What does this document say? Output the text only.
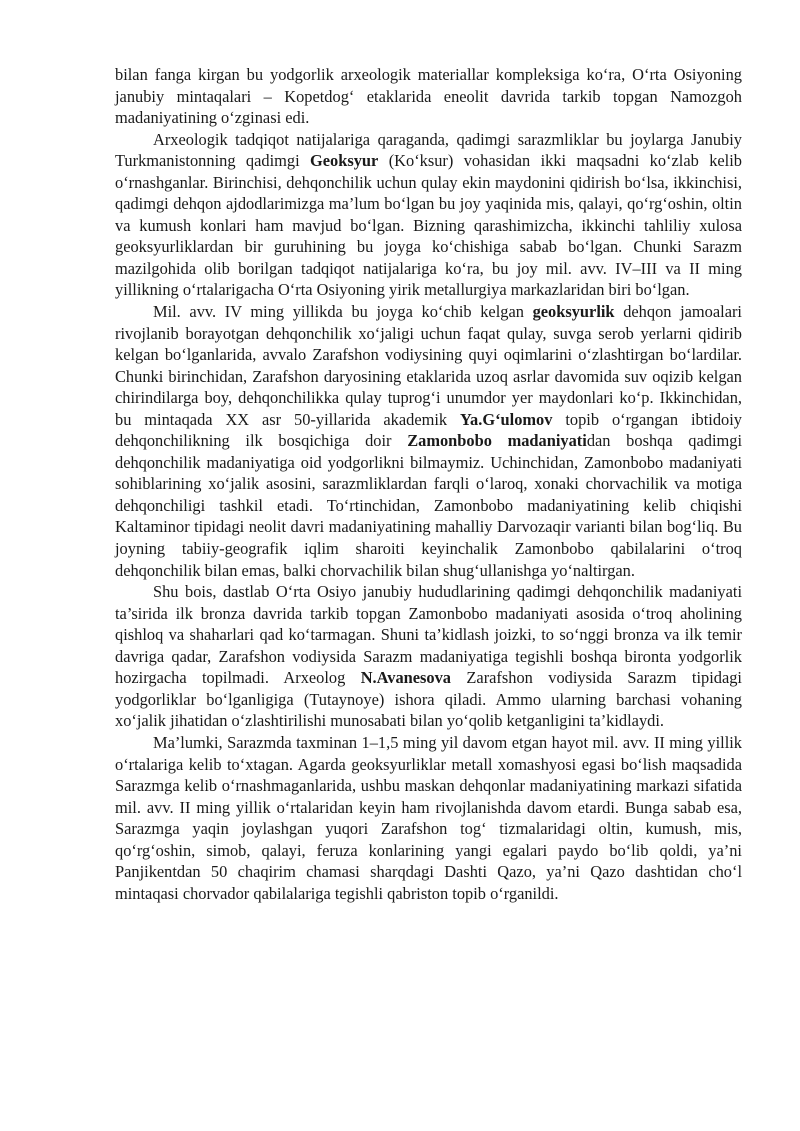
bilan fanga kirgan bu yodgorlik arxeologik materiallar kompleksiga ko‘ra, O‘rta Osiyoning janubiy mintaqalari – Kopetdog‘ etaklarida eneolit davrida tarkib topgan Namozgoh madaniyatining o‘zginasi edi.

Arxeologik tadqiqot natijalariga qaraganda, qadimgi sarazmliklar bu joylarga Janubiy Turkmanistonning qadimgi Geoksyur (Ko‘ksur) vohasidan ikki maqsadni ko‘zlab kelib o‘rnashganlar. Birinchisi, dehqonchilik uchun qulay ekin maydonini qidirish bo‘lsa, ikkinchisi, qadimgi dehqon ajdodlarimizga ma’lum bo‘lgan bu joy yaqinida mis, qalayi, qo‘rg‘oshin, oltin va kumush konlari ham mavjud bo‘lgan. Bizning qarashimizcha, ikkinchi tahliliy xulosa geoksyurliklardan bir guruhining bu joyga ko‘chishiga sabab bo‘lgan. Chunki Sarazm mazilgohida olib borilgan tadqiqot natijalariga ko‘ra, bu joy mil. avv. IV–III va II ming yillikning o‘rtalarigacha O‘rta Osiyoning yirik metallurgiya markazlaridan biri bo‘lgan.

Mil. avv. IV ming yillikda bu joyga ko‘chib kelgan geoksyurlik dehqon jamoalari rivojlanib borayotgan dehqonchilik xo‘jaligi uchun faqat qulay, suvga serob yerlarni qidirib kelgan bo‘lganlarida, avvalo Zarafshon vodiysining quyi oqimlarini o‘zlashtirgan bo‘lardilar. Chunki birinchidan, Zarafshon daryosining etaklarida uzoq asrlar davomida suv oqizib kelgan chirindilarga boy, dehqonchilikka qulay tuprog‘i unumdor yer maydonlari ko‘p. Ikkinchidan, bu mintaqada XX asr 50-yillarida akademik Ya.G‘ulomov topib o‘rgangan ibtidoiy dehqonchilikning ilk bosqichiga doir Zamonbobo madaniyatidan boshqa qadimgi dehqonchilik madaniyatiga oid yodgorlikni bilmaymiz. Uchinchidan, Zamonbobo madaniyati sohiblarining xo‘jalik asosini, sarazmliklardan farqli o‘laroq, xonaki chorvachilik va motiga dehqonchiligi tashkil etadi. To‘rtinchidan, Zamonbobo madaniyatining kelib chiqishi Kaltaminor tipidagi neolit davri madaniyatining mahalliy Darvozaqir varianti bilan bog‘liq. Bu joyning tabiiy-geografik iqlim sharoiti keyinchalik Zamonbobo qabilalarini o‘troq dehqonchilik bilan emas, balki chorvachilik bilan shug‘ullanishga yo‘naltirgan.

Shu bois, dastlab O‘rta Osiyo janubiy hududlarining qadimgi dehqonchilik madaniyati ta’sirida ilk bronza davrida tarkib topgan Zamonbobo madaniyati asosida o‘troq aholining qishloq va shaharlari qad ko‘tarmagan. Shuni ta’kidlash joizki, to so‘nggi bronza va ilk temir davriga qadar, Zarafshon vodiysida Sarazm madaniyatiga tegishli boshqa bironta yodgorlik hozirgacha topilmadi. Arxeolog N.Avanesova Zarafshon vodiysida Sarazm tipidagi yodgorliklar bo‘lganligiga (Tutaynoye) ishora qiladi. Ammo ularning barchasi vohaning xo‘jalik jihatidan o‘zlashtirilishi munosabati bilan yo‘qolib ketganligini ta’kidlaydi.

Ma’lumki, Sarazmda taxminan 1–1,5 ming yil davom etgan hayot mil. avv. II ming yillik o‘rtalariga kelib to‘xtagan. Agarda geoksyurliklar metall xomashyosi egasi bo‘lish maqsadida Sarazmga kelib o‘rnashmaganlarida, ushbu maskan dehqonlar madaniyatining markazi sifatida mil. avv. II ming yillik o‘rtalaridan keyin ham rivojlanishda davom etardi. Bunga sabab esa, Sarazmga yaqin joylashgan yuqori Zarafshon tog‘ tizmalaridagi oltin, kumush, mis, qo‘rg‘oshin, simob, qalayi, feruza konlarining yangi egalari paydo bo‘lib qoldi, ya’ni Panjikentdan 50 chaqirim chamasi sharqdagi Dashti Qazo, ya’ni Qazo dashtidan cho‘l mintaqasi chorvador qabilalariga tegishli qabriston topib o‘rganildi.
